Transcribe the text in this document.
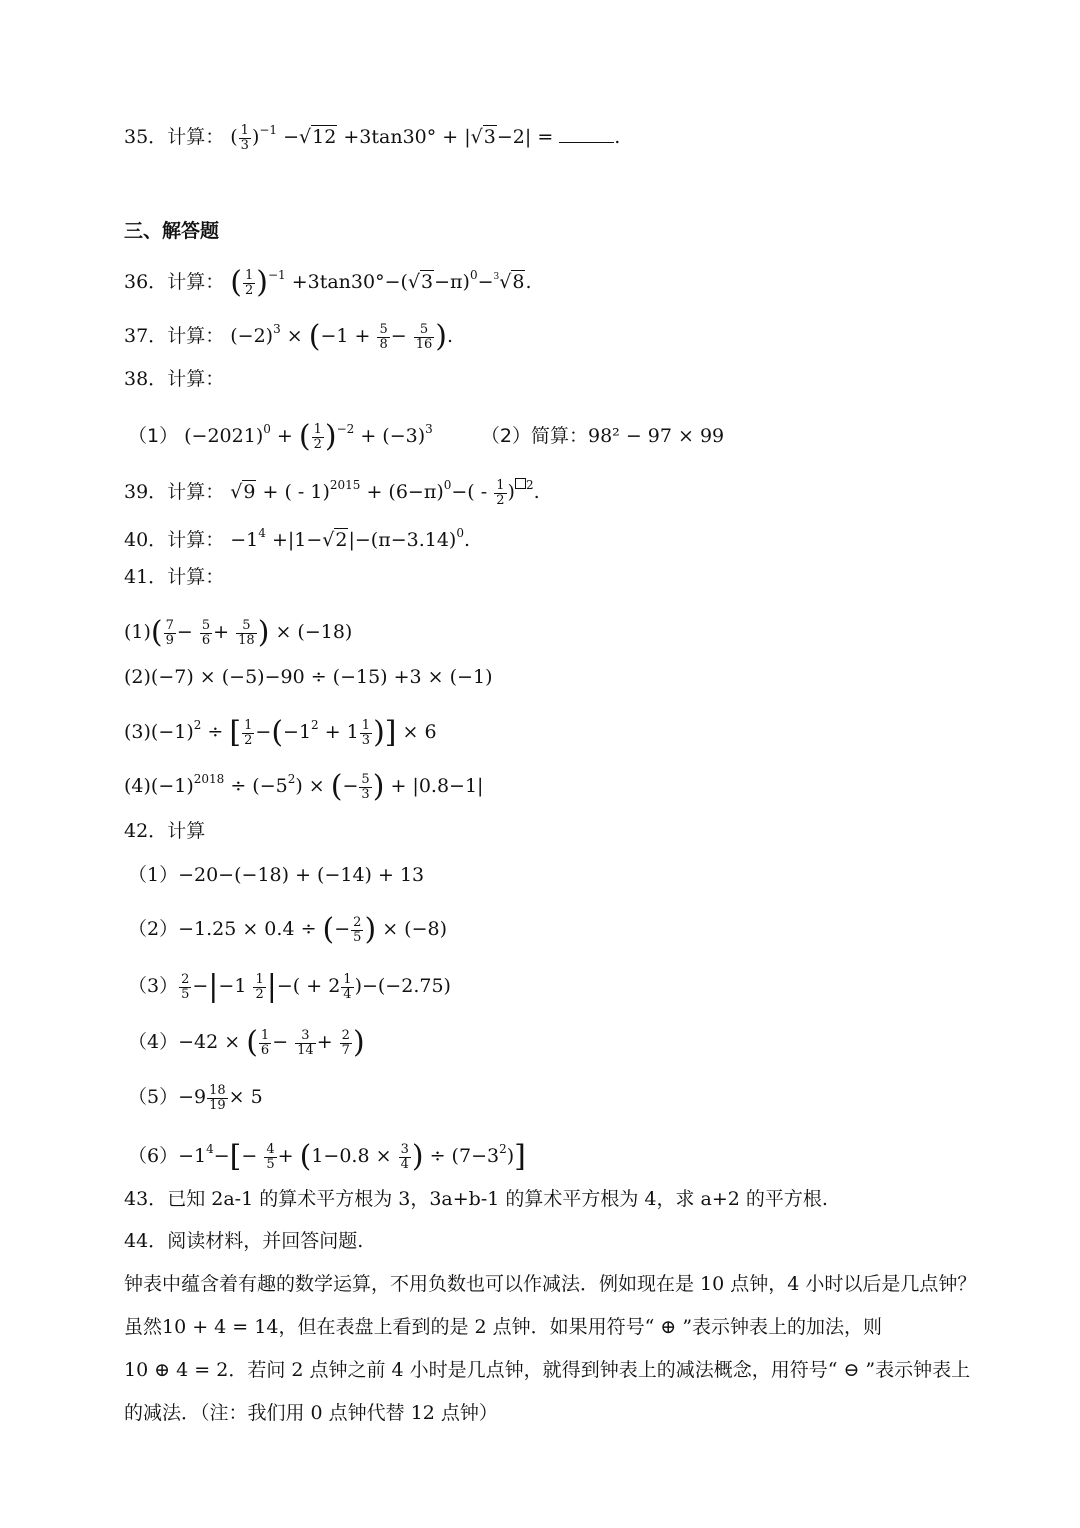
35．计算： ( $\frac{1}{3} )^{-1} -√12 +3\tan 30^\circ + |√3-2|$ =	.
三、解答题
36．计算： ( $\frac{1}{2} )^{-1} +3\tan 30^\circ-(√3-\pi)^0-^3√8$.
37．计算： $(-2)^3 \times (-1 + \frac{5}{8} - \frac{5}{16}$ ).
38．计算：
（1） $(-2021)^0$ + ( $\frac{1}{2} )^{-2} + (-3)^3$	（2）简算：98² − 97 × 99
39．计算： √9 + ( - $1)^{2015} + (6-\pi)^0-( - \frac{1}{2}$ ) $^2$.
40．计算： $-1^4 +|1-√2|-(\pi-3.14)^0$.
41．计算：
$(1)( \frac{7}{9} - \frac{5}{6} + \frac{5}{18}$ ) × (−18)
(2)(−7) × (−5)−90 ÷ (−15) +3 × (−1)
$(3)(-1)^2$ ÷ [ $\frac{1}{2} -(-1^2 + 1 \frac{1}{3}$ )] × 6
$(4)(-1)^{2018} \div (-5^2)$ × (− $\frac{5}{3}$ ) + |0.8−1|
42．计算
（1）−20−(−18) + (−14) + 13
（2）−1.25 × 0.4 ÷ (− $\frac{2}{5}$ ) × (−8)
$(3) \frac{2}{5} -|-1 \frac{1}{2}$ |−( + $2 \frac{1}{4} )-(-2.75)$
（4）−42 × ( $\frac{1}{6} - \frac{3}{14} + \frac{2}{7}$ )
$(5)-9 \frac{18}{19} \times 5$
$(6)-1^4-[- \frac{4}{5} + (1-0.8 \times \frac{3}{4}$ ) ÷ $(7-3^2)$]
43．已知 2a-1 的算术平方根为 3，3a+b-1 的算术平方根为 4，求 a+2 的平方根.
44．阅读材料，并回答问题.
钟表中蕴含着有趣的数学运算，不用负数也可以作减法．例如现在是 10 点钟，4 小时以后是几点钟？
虽然10 + 4 = 14，但在表盘上看到的是 2 点钟．如果用符号“ ⊕ ”表示钟表上的加法，则
10 ⊕ 4 = 2．若问 2 点钟之前 4 小时是几点钟，就得到钟表上的减法概念，用符号“ ⊖ ”表示钟表上
的减法．（注：我们用 0 点钟代替 12 点钟）
